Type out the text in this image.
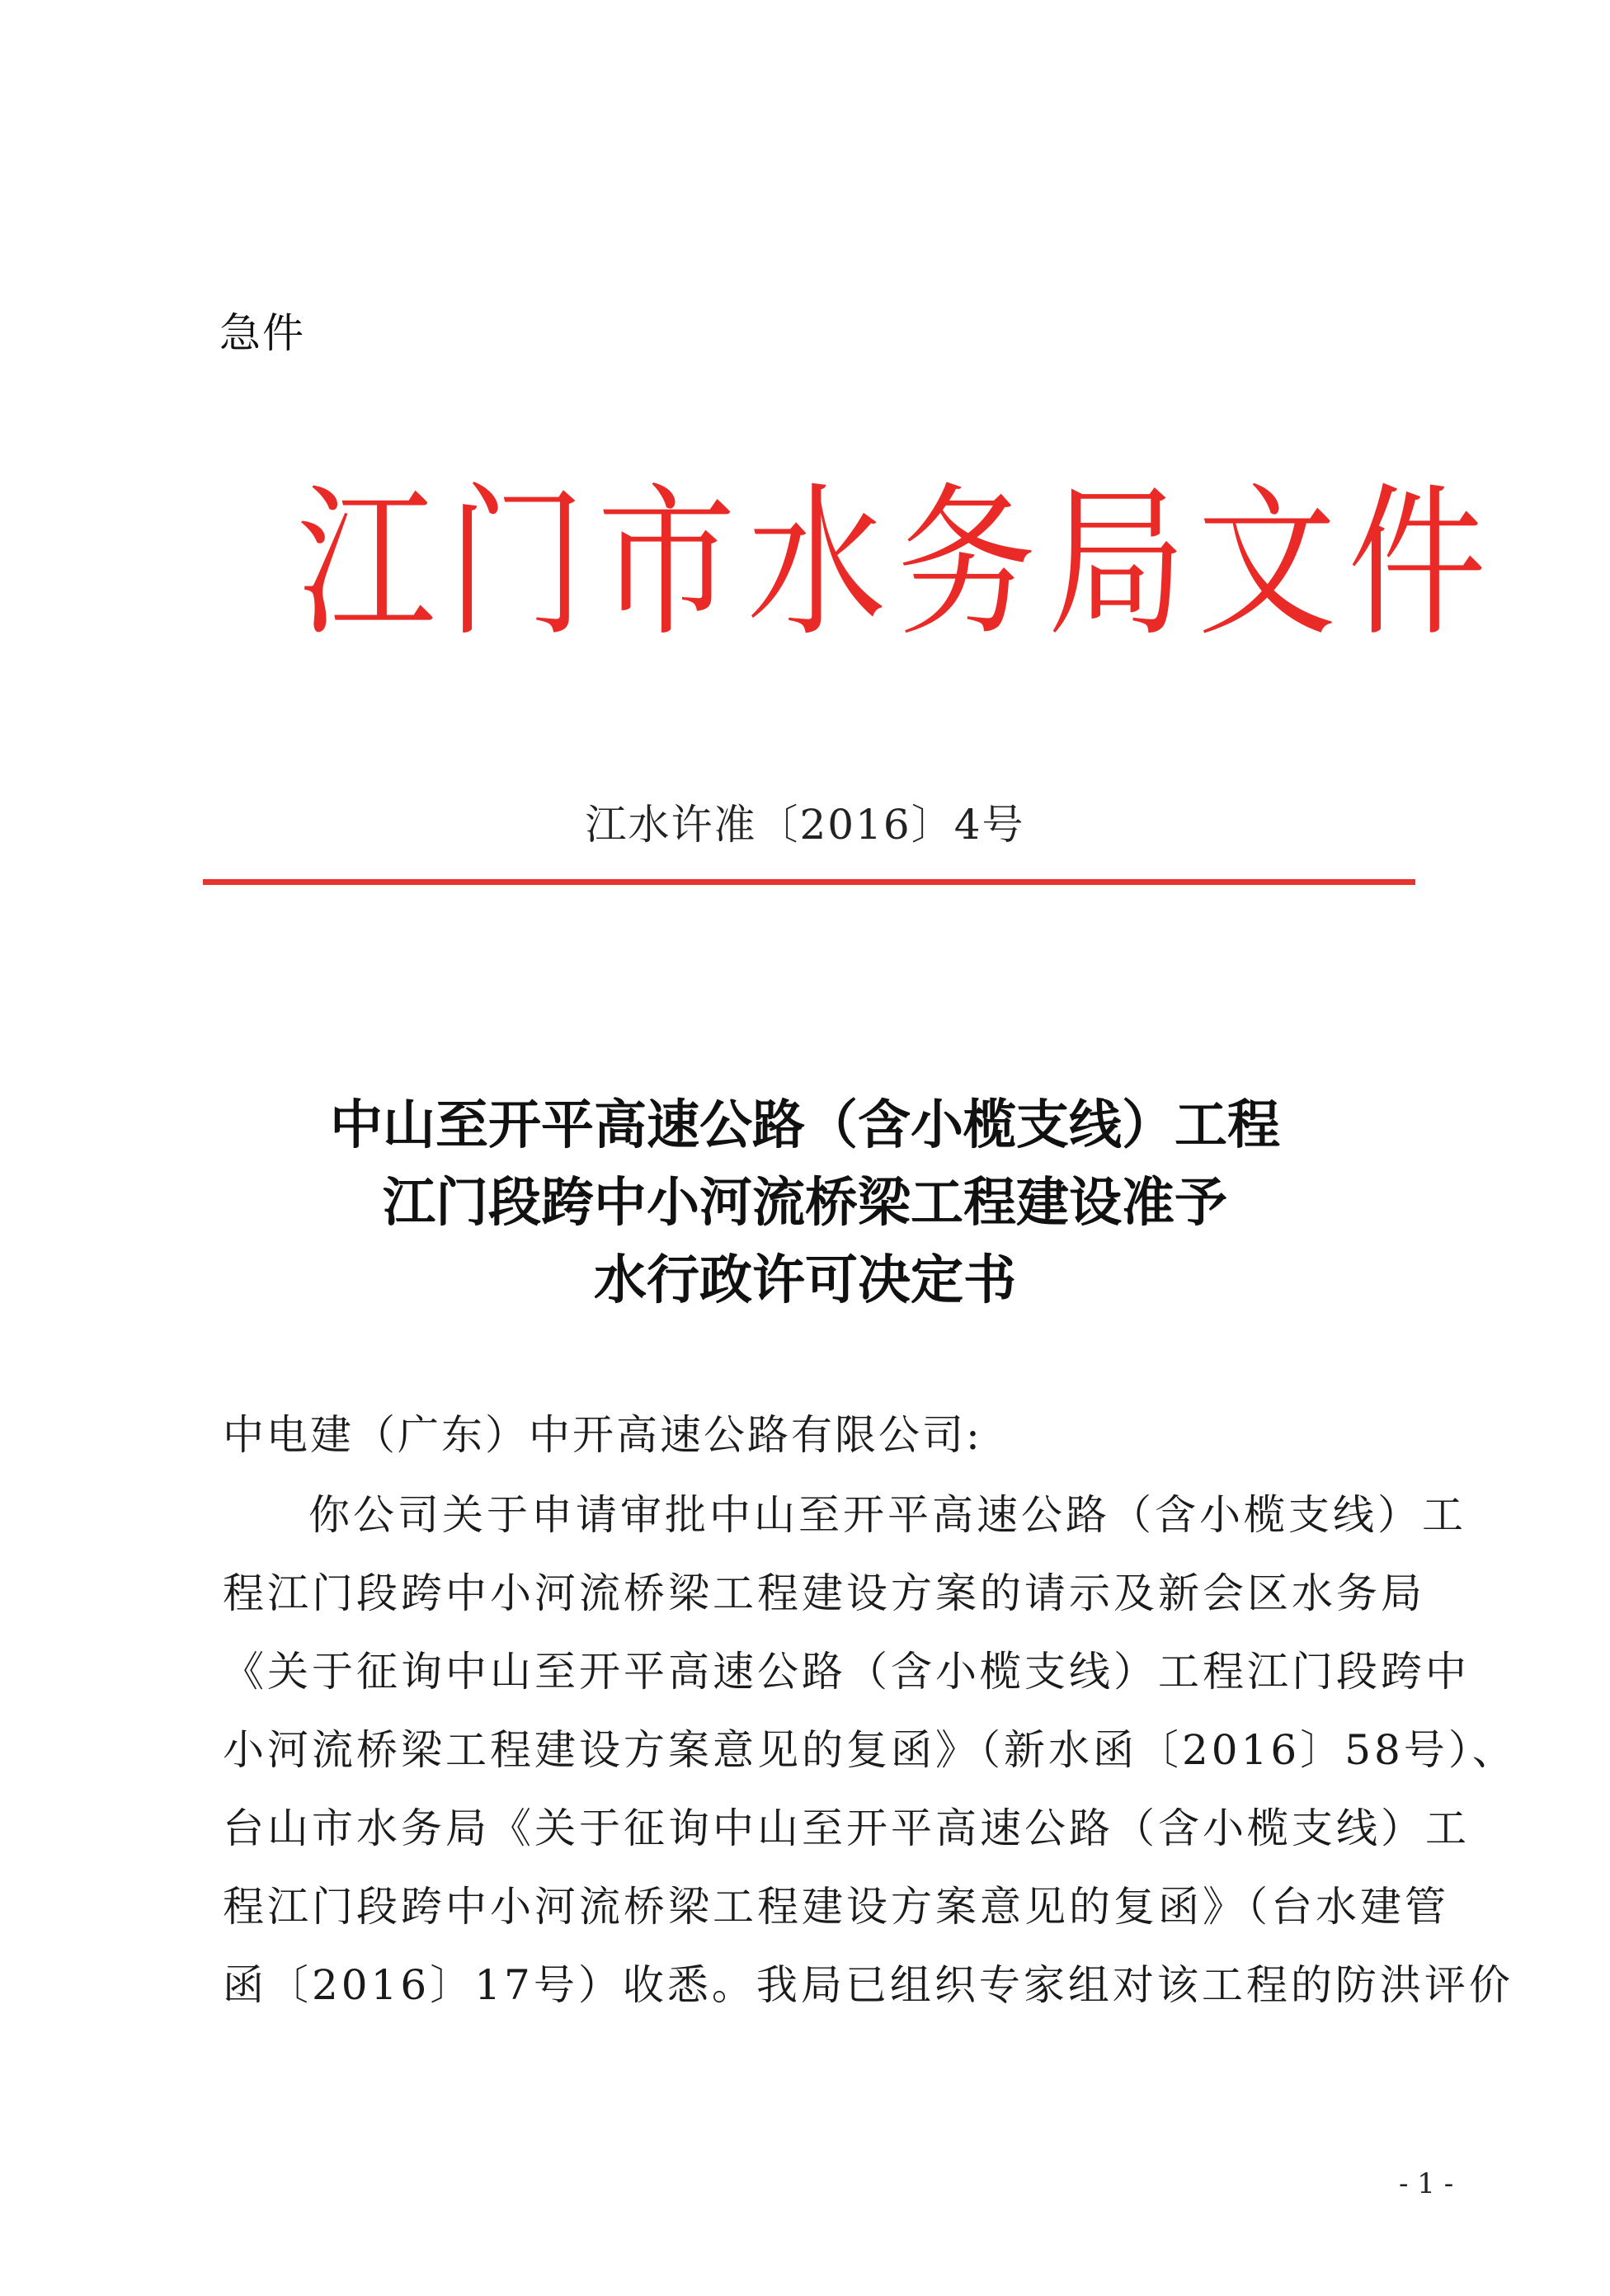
急件
江门市水务局文件
江水许准〔2016〕4号
中山至开平高速公路（含小榄支线）工程
江门段跨中小河流桥梁工程建设准予
水行政许可决定书
中电建（广东）中开高速公路有限公司:
你公司关于申请审批中山至开平高速公路（含小榄支线）工
程江门段跨中小河流桥梁工程建设方案的请示及新会区水务局
《关于征询中山至开平高速公路（含小榄支线）工程江门段跨中
小河流桥梁工程建设方案意见的复函》（新水函〔2016〕58号）、
台山市水务局《关于征询中山至开平高速公路（含小榄支线）工
程江门段跨中小河流桥梁工程建设方案意见的复函》（台水建管
函〔2016〕17号）收悉。我局已组织专家组对该工程的防洪评价
- 1 -
